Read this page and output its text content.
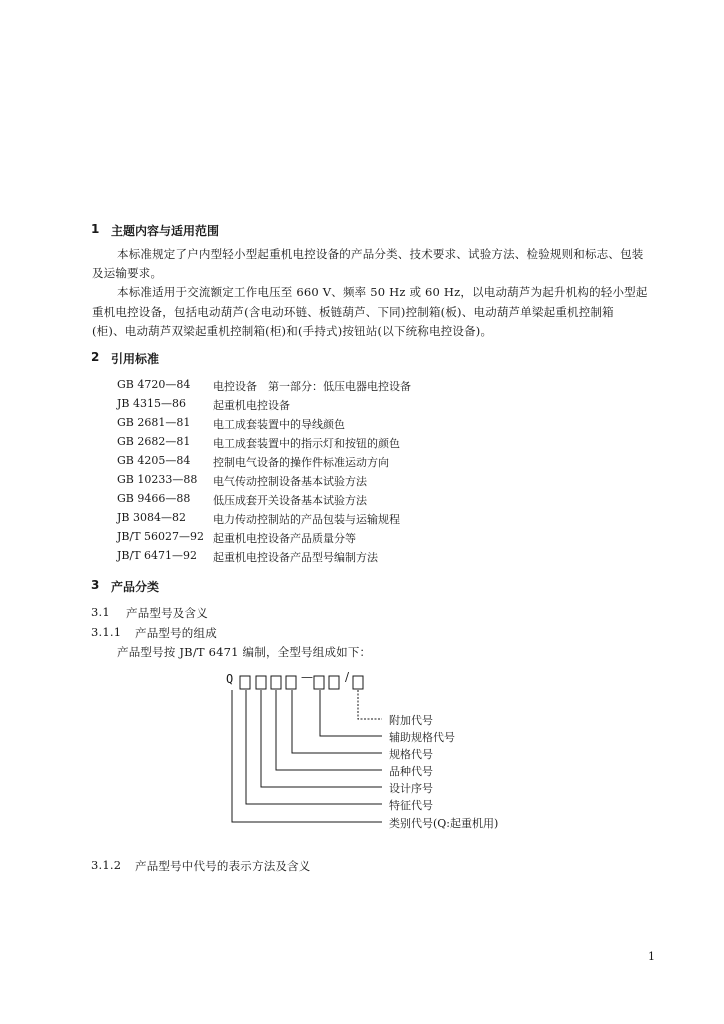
1 主题内容与适用范围
本标准规定了户内型轻小型起重机电控设备的产品分类、技术要求、试验方法、检验规则和标志、包装
及运输要求。
本标准适用于交流额定工作电压至 660 V、频率 50 Hz 或 60 Hz，以电动葫芦为起升机构的轻小型起
重机电控设备，包括电动葫芦(含电动环链、板链葫芦、下同)控制箱(板)、电动葫芦单梁起重机控制箱
(柜)、电动葫芦双梁起重机控制箱(柜)和(手持式)按钮站(以下统称电控设备)。
2 引用标准
GB 4720—84 电控设备　第一部分：低压电器电控设备
JB 4315—86 起重机电控设备
GB 2681—81 电工成套装置中的导线颜色
GB 2682—81 电工成套装置中的指示灯和按钮的颜色
GB 4205—84 控制电气设备的操作件标准运动方向
GB 10233—88 电气传动控制设备基本试验方法
GB 9466—88 低压成套开关设备基本试验方法
JB 3084—82 电力传动控制站的产品包装与运输规程
JB/T 56027—92 起重机电控设备产品质量分等
JB/T 6471—92 起重机电控设备产品型号编制方法
3 产品分类
3.1 产品型号及含义
3.1.1 产品型号的组成
产品型号按 JB/T 6471 编制，全型号组成如下：
Q	—	/
附加代号
辅助规格代号
规格代号
品种代号
设计序号
特征代号
类别代号(Q:起重机用)
3.1.2 产品型号中代号的表示方法及含义
1
